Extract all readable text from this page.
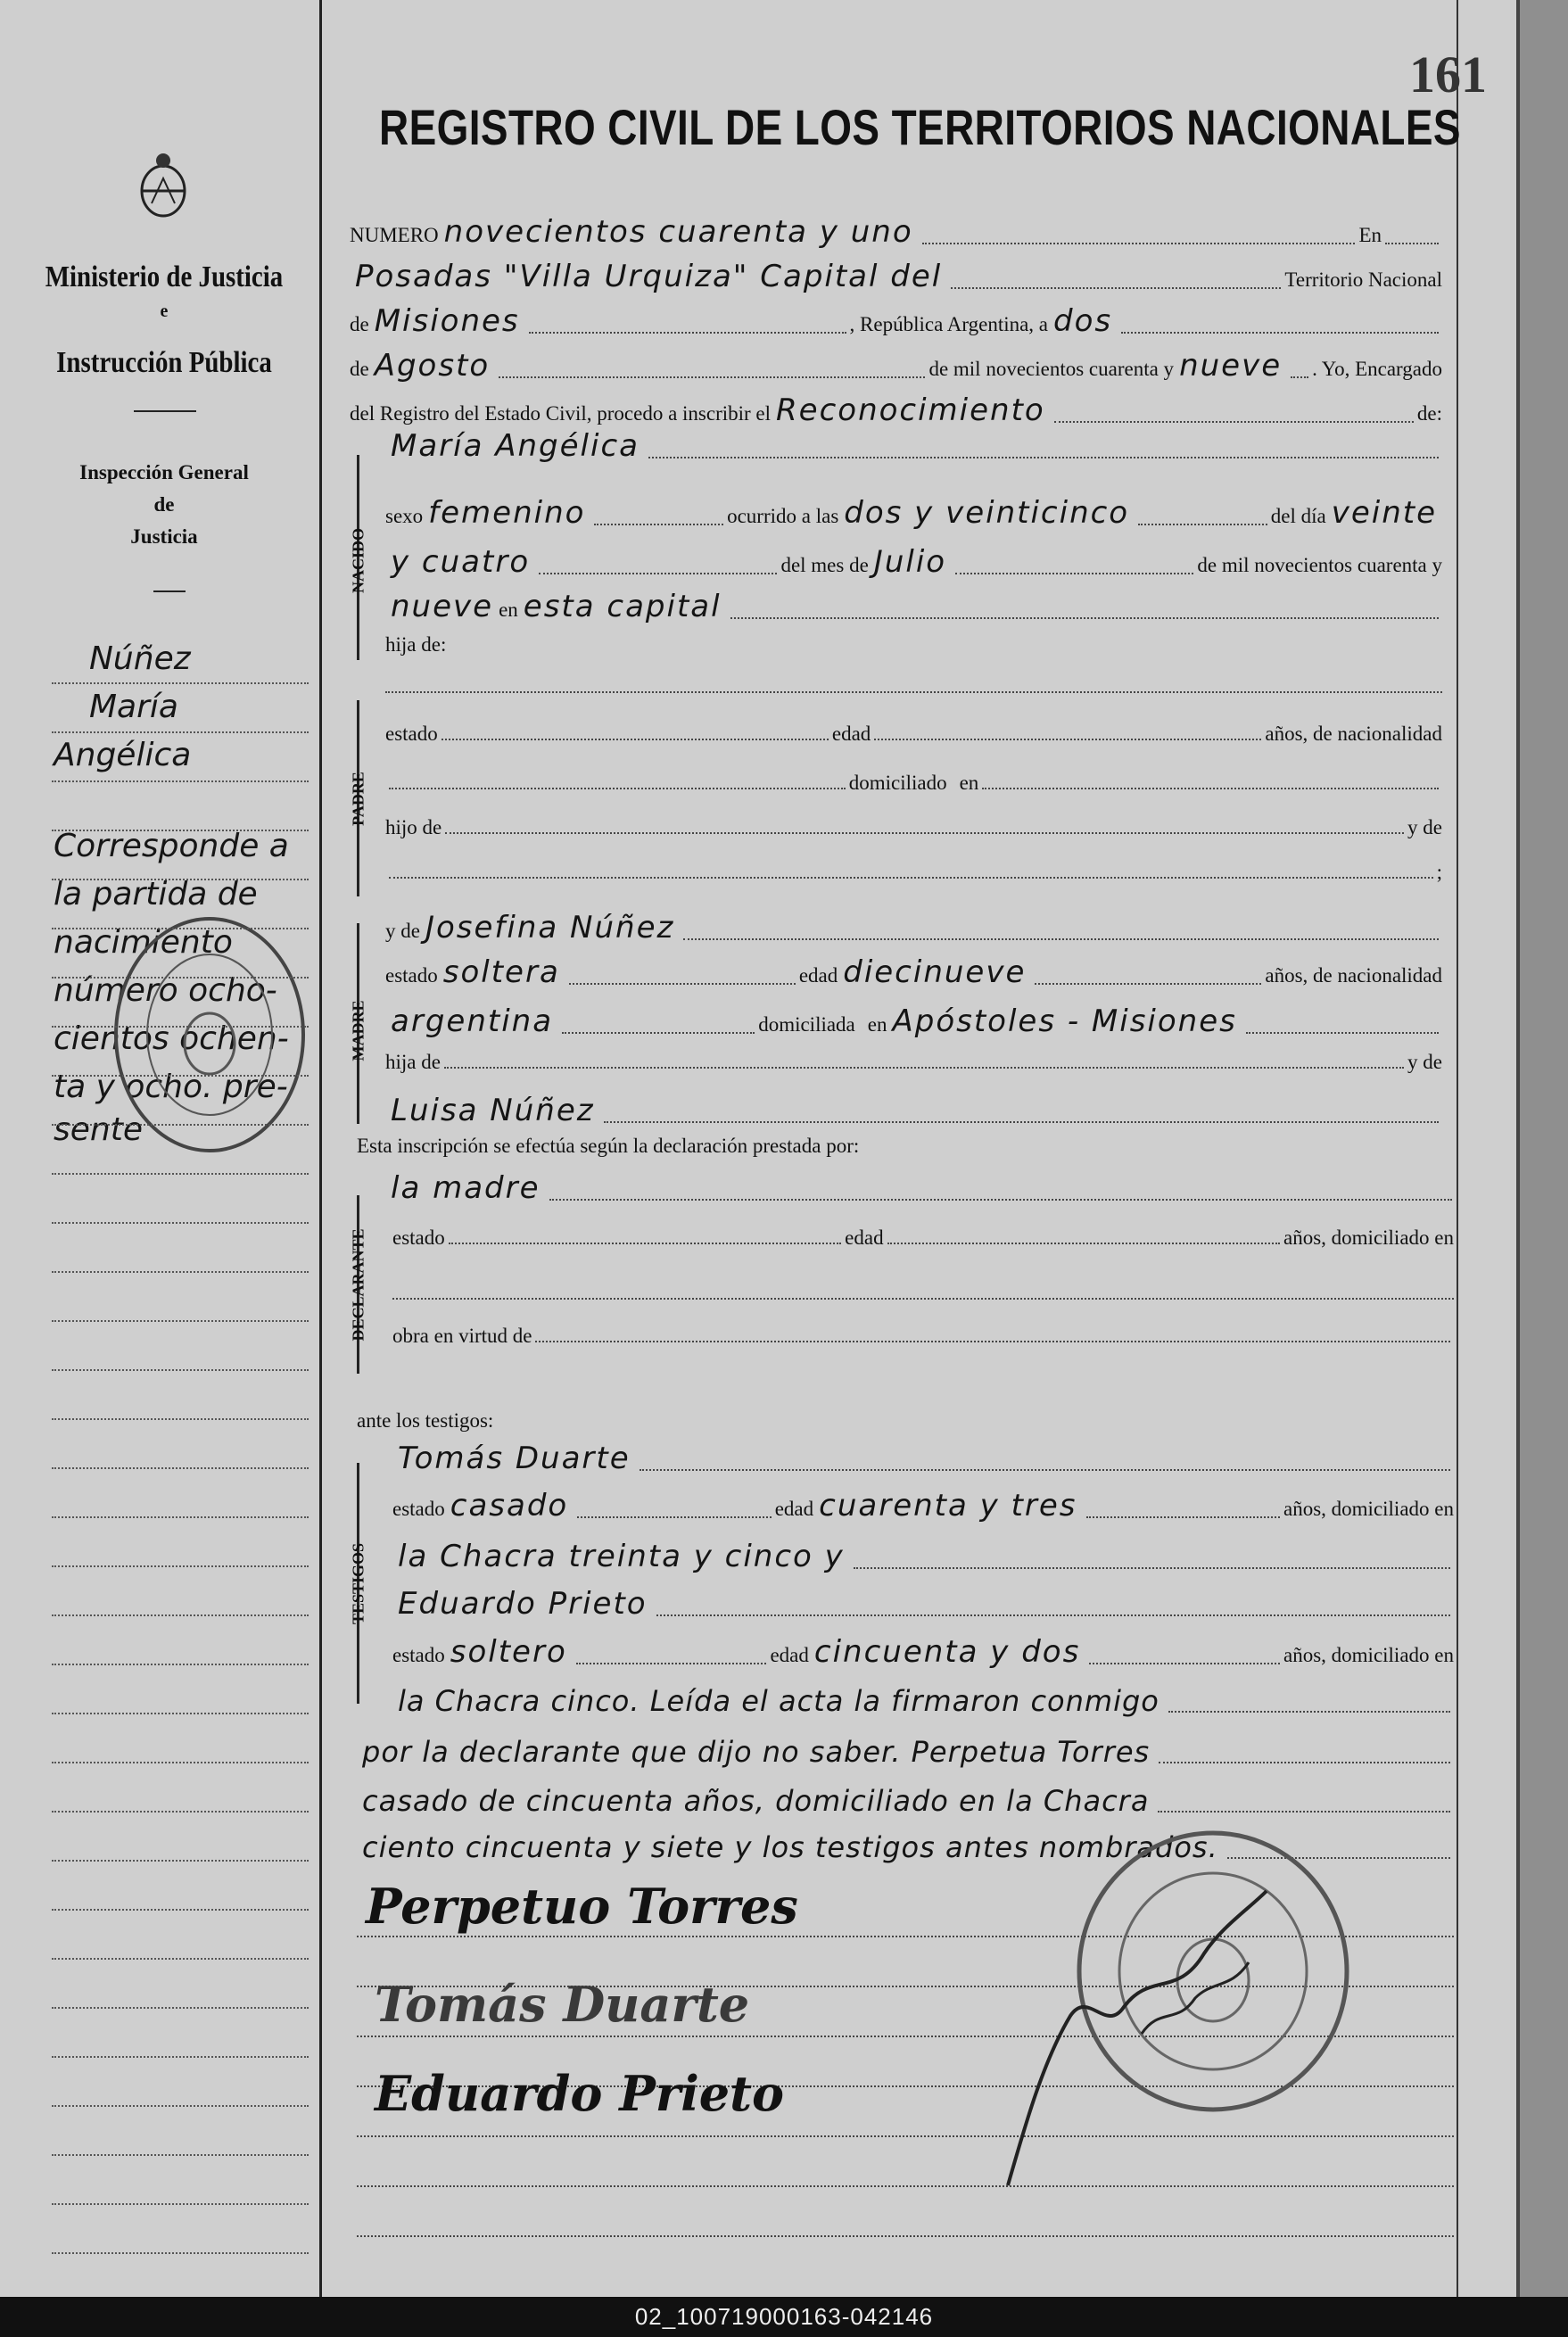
161
REGISTRO CIVIL DE LOS TERRITORIOS NACIONALES
Ministerio de Justicia
e
Instrucción Pública
Inspección General
de
Justicia
Núñez
María
Angélica
Corresponde a
la partida de
nacimiento
número ocho-
cientos ochen-
ta y ocho. pre-
sente
NUMERO novecientos cuarenta y uno	En
Posadas "Villa Urquiza" Capital del	Territorio Nacional
de Misiones	, República Argentina, a dos
de Agosto	de mil novecientos cuarenta y nueve . Yo, Encargado
del Registro del Estado Civil, procedo a inscribir el Reconocimiento	de:
NACIDO
María Angélica
sexo femenino	ocurrido a las dos y veinticinco	del día veinte
y cuatro	del mes de Julio	de mil novecientos cuarenta y
nueve en esta capital
hija de:
PADRE
estado	edad	años, de nacionalidad
domiciliado en
hijo de	y de
;
MADRE
y de Josefina Núñez
estado soltera	edad diecinueve	años, de nacionalidad
argentina	domiciliada en Apóstoles - Misiones
hija de	y de
Luisa Núñez
Esta inscripción se efectúa según la declaración prestada por:
DECLARANTE
la madre
estado	edad	años, domiciliado en
obra en virtud de
ante los testigos:
TESTIGOS
Tomás Duarte
estado casado	edad cuarenta y tres	años, domiciliado en
la Chacra treinta y cinco y
Eduardo Prieto
estado soltero	edad cincuenta y dos	años, domiciliado en
la Chacra cinco. Leída el acta la firmaron conmigo
por la declarante que dijo no saber. Perpetua Torres
casado de cincuenta años, domiciliado en la Chacra
ciento cincuenta y siete y los testigos antes nombrados.
Perpetuo Torres
Tomás Duarte
Eduardo Prieto
02_100719000163-042146
